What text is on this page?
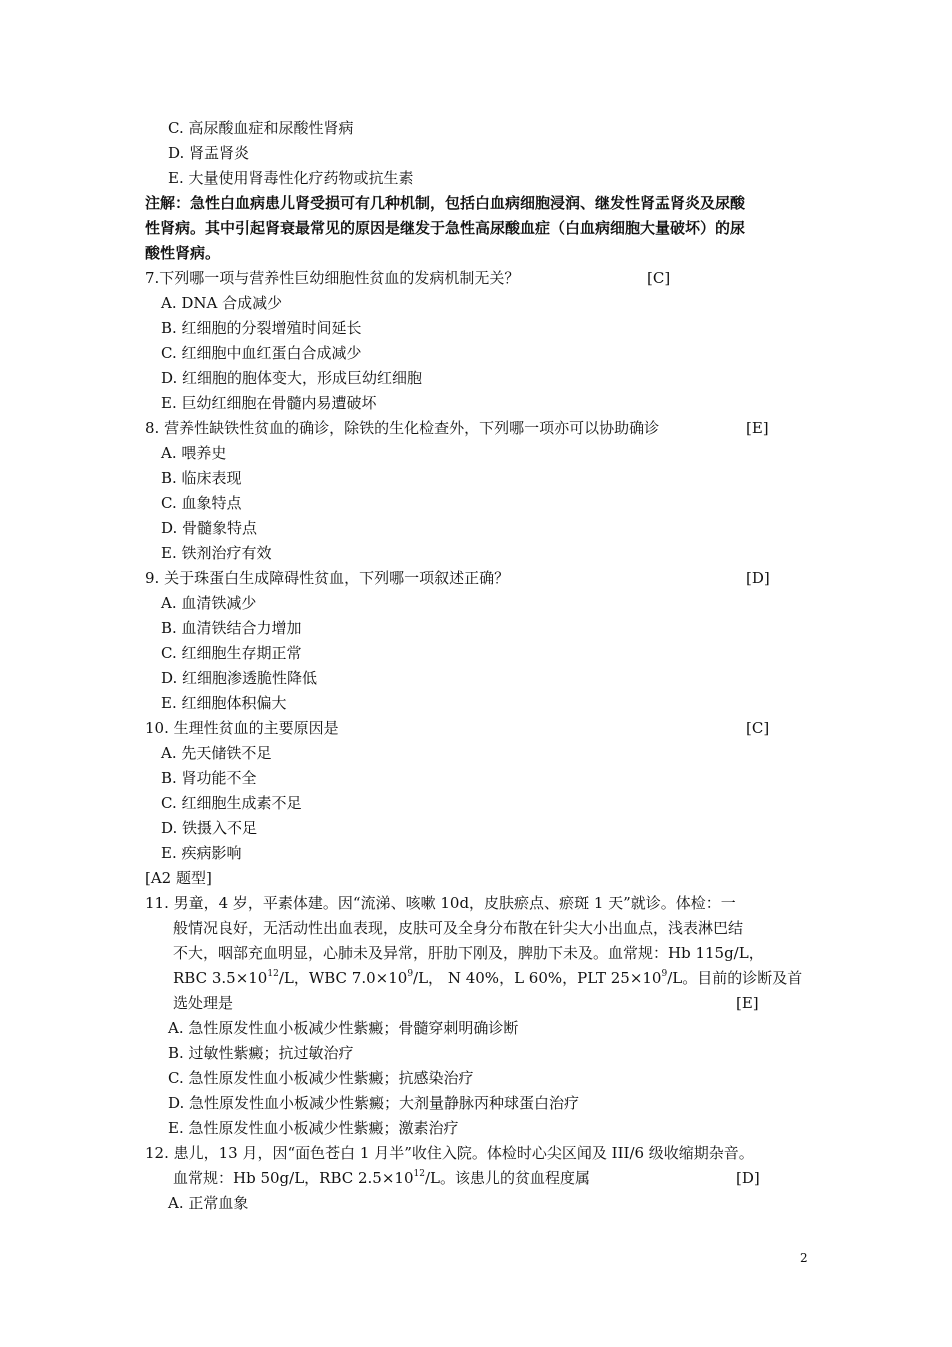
C. 高尿酸血症和尿酸性肾病
D. 肾盂肾炎
E. 大量使用肾毒性化疗药物或抗生素
注解：急性白血病患儿肾受损可有几种机制，包括白血病细胞浸润、继发性肾盂肾炎及尿酸
性肾病。其中引起肾衰最常见的原因是继发于急性高尿酸血症（白血病细胞大量破坏）的尿
酸性肾病。
7.下列哪一项与营养性巨幼细胞性贫血的发病机制无关？	[C]
A. DNA 合成减少
B. 红细胞的分裂增殖时间延长
C. 红细胞中血红蛋白合成减少
D. 红细胞的胞体变大，形成巨幼红细胞
E. 巨幼红细胞在骨髓内易遭破坏
8. 营养性缺铁性贫血的确诊，除铁的生化检查外，下列哪一项亦可以协助确诊	[E]
A. 喂养史
B. 临床表现
C. 血象特点
D. 骨髓象特点
E. 铁剂治疗有效
9. 关于珠蛋白生成障碍性贫血，下列哪一项叙述正确？	[D]
A. 血清铁减少
B. 血清铁结合力增加
C. 红细胞生存期正常
D. 红细胞渗透脆性降低
E. 红细胞体积偏大
10. 生理性贫血的主要原因是	[C]
A. 先天储铁不足
B. 肾功能不全
C. 红细胞生成素不足
D. 铁摄入不足
E. 疾病影响
[A2 题型]
11. 男童，4 岁，平素体建。因“流涕、咳嗽 10d，皮肤瘀点、瘀斑 1 天”就诊。体检：一
般情况良好，无活动性出血表现，皮肤可及全身分布散在针尖大小出血点，浅表淋巴结
不大，咽部充血明显，心肺未及异常，肝肋下刚及，脾肋下未及。血常规：Hb 115g/L，
RBC $3.5\times 10^{12}/L$，WBC $7.0\times 10^9/L$， N 40%，L 60%，PLT $25\times 10^9/L$。目前的诊断及首
选处理是	[E]
A. 急性原发性血小板减少性紫癜；骨髓穿刺明确诊断
B. 过敏性紫癜；抗过敏治疗
C. 急性原发性血小板减少性紫癜；抗感染治疗
D. 急性原发性血小板减少性紫癜；大剂量静脉丙种球蛋白治疗
E. 急性原发性血小板减少性紫癜；激素治疗
12. 患儿，13 月，因“面色苍白 1 月半”收住入院。体检时心尖区闻及 III/6 级收缩期杂音。
血常规：Hb 50g/L，RBC $2.5\times 10^{12}/L$。该患儿的贫血程度属	[D]
A. 正常血象
2
